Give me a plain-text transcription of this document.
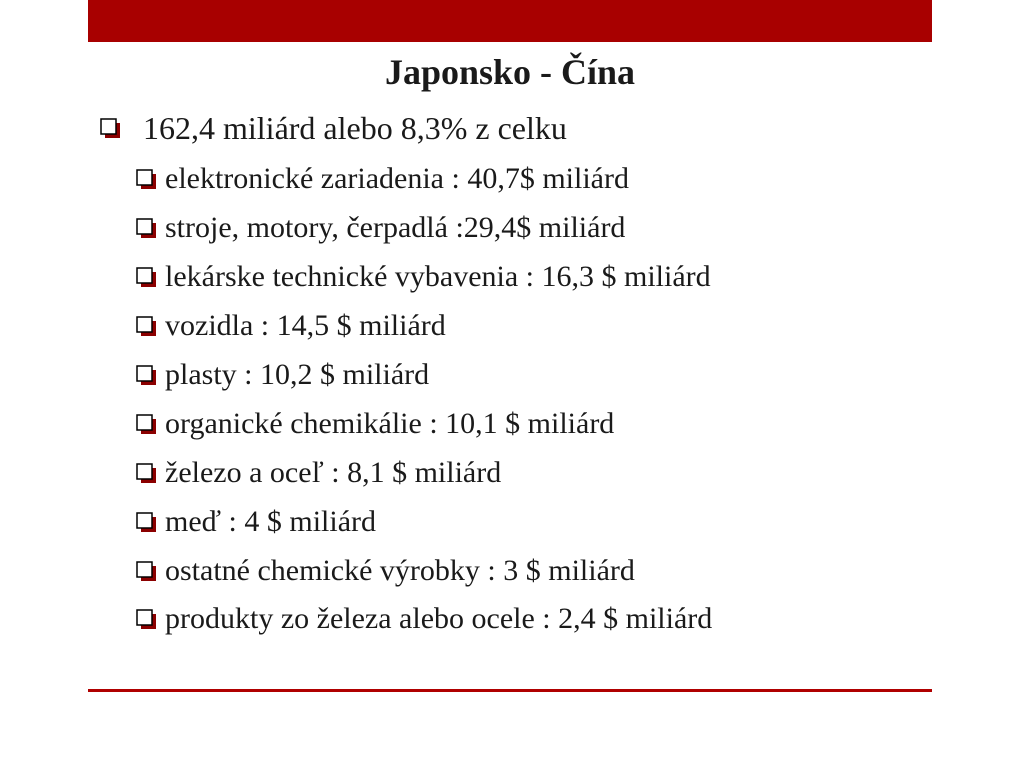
Japonsko - Čína
162,4 miliárd alebo 8,3% z celku
elektronické zariadenia : 40,7$ miliárd
stroje, motory, čerpadlá :29,4$ miliárd
lekárske technické vybavenia : 16,3 $ miliárd
vozidla : 14,5 $ miliárd
plasty : 10,2 $ miliárd
organické chemikálie : 10,1 $ miliárd
železo a oceľ : 8,1 $ miliárd
meď : 4 $ miliárd
ostatné chemické výrobky : 3 $ miliárd
produkty zo železa alebo ocele : 2,4 $ miliárd
